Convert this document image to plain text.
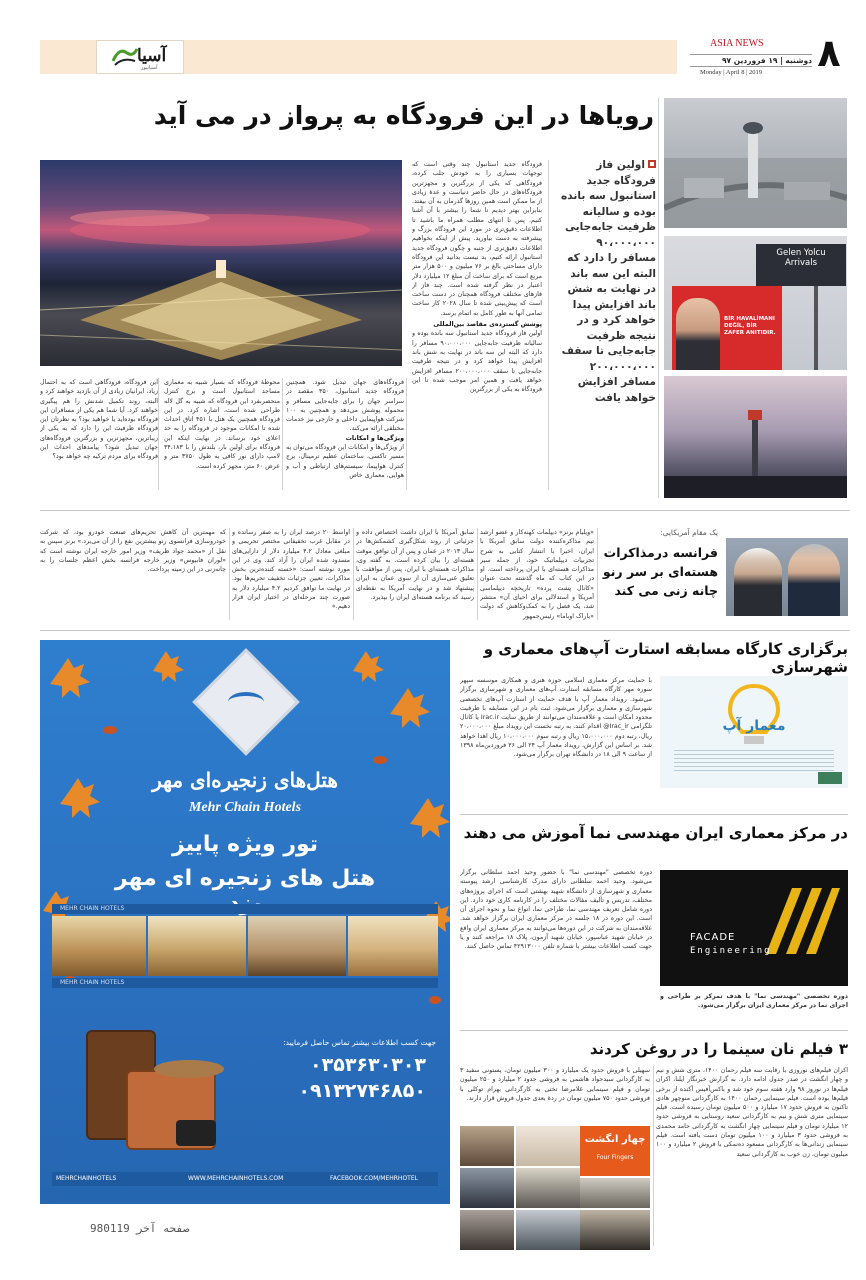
آسیا
آسیانیوز
ASIA NEWS
دوشنبه | ۱۹ فروردین ۹۷
Monday | April 8 | 2019 ۸
رویاها در این فرودگاه به پرواز در می آید
فرودگاه جدید استانبول چند وقتی است که توجهات بسیاری را به خودش جلب کرده، فرودگاهی که یکی از بزرگترین و مجهزترین فرودگاه‌های در حال حاضر دنیاست و عدهٔ زیادی از ما ممکن است همین روزها گذرمان به آن بیفتد. بنابراین بهتر دیدیم تا شما را بیشتر با آن آشنا کنیم. پس تا انتهای مطلب همراه ما باشید تا اطلاعات دقیق‌تری در مورد این فرودگاه بزرگ و پیشرفته به دست بیاورید. پیش از اینکه بخواهیم اطلاعات دقیق‌تری از جنبه و چگون فرودگاه جدید استانبول ارائه کنیم، بد نیست بدانید این فرودگاه دارای مساحتی بالغ بر ۷۶ میلیون و ۵۰۰ هزار متر مربع است که برای ساخت آن مبلغ ۱۲ میلیارد دلار اعتبار در نظر گرفته شده است. چند فاز از فازهای مختلف فرودگاه همچنان در دست ساخت است که پیش‌بینی شده تا سال ۲۰۲۸ کار ساخت تمامی آنها به طور کامل به اتمام برسد.
پوشش گسترده‌ی مقاصد بین‌المللی
اولین فاز فرودگاه جدید استانبول سه بانده بوده و سالیانه ظرفیت جابه‌جایی ۹۰،۰۰۰،۰۰۰ مسافر را دارد که البته این سه باند در نهایت به شش باند افزایش پیدا خواهد کرد و در نتیجه ظرفیت جابه‌جایی تا سقف ۲۰۰،۰۰۰،۰۰۰ مسافر افزایش خواهد یافت و همین امر موجب شده تا این فرودگاه به یکی از بزرگترین
فرودگاه‌های جهان تبدیل شود. همچنین فرودگاه جدید استانبول، ۳۵۰ مقصد در سراسر جهان را برای جابه‌جایی مسافر و محموله پوشش می‌دهد و همچنین به ۱۰۰ شرکت هواپیمایی داخلی و خارجی نیز خدمات مختلفی ارائه می‌کند.
ویژگی‌ها و امکانات
از ویژگی‌ها و امکانات این فرودگاه می‌توان به مسیر تاکسی، ساختمان عظیم ترمینال، برج کنترل هواپیما، سیستم‌های ارتباطی و آب و هوایی، معماری خاص
محوطهٔ فرودگاه که بسیار شبیه به معماری مساجد استانبول است و برج کنترل منحصربفرد این فرودگاه که شبیه به گل لاله طراحی شده است، اشاره کرد. در این فرودگاه همچنین یک هتل با ۴۵۱ اتاق احداث شده تا امکانات موجود در فرودگاه را به حد اعلای خود برساند. در نهایت اینکه این فرودگاه برای اولین بار، بلندش را با ۳۴،۱۸۳ لامپ دارای نور کافی به طول ۳۷۵۰ متر و عرض ۶۰ متر، مجهز کرده است.
این فرودگاه، فرودگاهی است که به احتمال زیاد، ایرانیان زیادی از آن بازدید خواهند کرد و البته، روند تکمیل شدنش را هم پیگیری خواهند کرد. آیا شما هم یکی از مسافران این فرودگاه بوده‌اید یا خواهید بود؟ به نظرتان این فرودگاه ظرفیت این را دارد که به یکی از زیباترین، مجهزترین و بزرگترین فرودگاه‌های جهان تبدیل شود؟ پیامدهای احداث این فرودگاه برای مردم ترکیه چه خواهد بود؟
اولین فاز فرودگاه جدید استانبول سه بانده بوده و سالیانه ظرفیت جابه‌جایی ۹۰،۰۰۰،۰۰۰ مسافر را دارد که البته این سه باند در نهایت به شش باند افزایش پیدا خواهد کرد و در نتیجه ظرفیت جابه‌جایی تا سقف ۲۰۰،۰۰۰،۰۰۰ مسافر افزایش خواهد یافت
Gelen Yolcu
Arrivals
BİR HAVALİMANI DEĞİL, BİR ZAFER ANITIDIR.
یک مقام آمریکایی:
فرانسه درمذاکرات هسته‌ای بر سر رنو چانه زنی می کند
«ویلیام برنز» دیپلمات کهنه‌کار و عضو ارشد تیم مذاکره‌کننده دولت سابق آمریکا با ایران، اخیرا با انتشار کتابی به شرح تجربیات دیپلماتیک خود، از جمله سیر مذاکرات هسته‌ای با ایران پرداخته است. او در این کتاب که ماه گذشته تحت عنوان «کانال پشت پرده» تاریخچه دیپلماسی آمریکا و استدلالی برای احیای آن» منتشر شد، یک فصل را به کمک‌وکاهش که دولت «باراک اوباما» رئیس‌جمهور
سابق آمریکا با ایران داشت اختصاص داده و جزئیاتی از روند شکل‌گیری کشمکش‌ها در سال ۲۰۱۳ در عمان و پس از آن توافق موقت هسته‌ای را بیان کرده است. به گفته وی، مذاکرات هسته‌ای با ایران، پس از موافقت با تعلیق غنی‌سازی آن از سوی عمان به ایران پیشنهاد شد و در نهایت آمریکا به نقطه‌ای رسید که برنامه هسته‌ای ایران را بپذیرد.
اواسط ۲۰ درصد ایران را به صفر رسانده و در مقابل غرب تخفیفاتی مختصر تحریمی و مبلغی معادل ۴.۲ میلیارد دلار از دارایی‌های مسدود شده ایران را آزاد کند. وی در این مورد نوشته است: «خسته کننده‌ترین بخش مذاکرات، تعیین جزئیات تخفیف تحریم‌ها بود. در نهایت ما توافق کردیم ۴.۲ میلیارد دلار به صورت چند مرحله‌ای در اختیار ایران قرار دهیم.»
که مهمترین آن کاهش تحریم‌های صنعت خودرو بود، که شرکت خودروسازی فرانسوی رنو بیشترین نفع را از آن می‌برد.» برنز سپس به نقل از «محمد جواد ظریف» وزیر امور خارجه ایران نوشته است که «لوران فابیوس» وزیر خارجه فرانسه بخش اعظم جلسات را به چانه‌زنی در این زمینه پرداخت.
هتل‌های زنجیره‌ای مهر
Mehr Chain Hotels
تور ویژه پاییز
هتل های زنجیره ای مهر
MEHR CHAIN HOTELS
MEHR CHAIN HOTELS
جهت کسب اطلاعات بیشتر تماس حاصل فرمایید:
۰۳۵۳۶۳۰۳۰۳
۰۹۱۳۲۷۴۶۸۵۰
MEHRCHAINHOTELS	WWW.MEHRCHAINHOTELS.COM	FACEBOOK.COM/MEHRHOTEL
صفحه آخر 980119
برگزاری کارگاه مسابقه استارت آپ‌های معماری و شهرسازی
معمار آپ
با حمایت مرکز معماری اسلامی حوزه هنری و همکاری موسسه سپهر سوره مهر کارگاه مسابقه استارت آپ‌های معماری و شهرسازی برگزار می‌شود. رویداد معمار آپ با هدف حمایت از استارت آپ‌های تخصصی شهرسازی و معماری برگزار می‌شود. ثبت نام در این مسابقه با ظرفیت محدود امکان است و علاقه‌مندان می‌توانند از طریق سایت Irac.ir یا کانال تلگرامی ‎@Irac_ir‎ اقدام کنند. به رتبه نخست این رویداد مبلغ ۲۰،۰۰۰،۰۰۰ ریال، رتبه دوم ۱۵،۰۰۰،۰۰۰ ریال و رتبه سوم ۱۰،۰۰۰،۰۰۰ ریال اهدا خواهد شد. بر اساس این گزارش، رویداد معمار آپ ۲۴ الی ۲۶ فروردین‌ماه ۱۳۹۸ از ساعت ۹ الی ۱۸ در دانشگاه تهران برگزار می‌شود.
در مرکز معماری ایران مهندسی نما آموزش می دهند
FACADE
Engineering
دوره تخصصی "مهندسی نما" با هدف تمرکز بر طراحی و اجرای نما در مرکز معماری ایران برگزار می‌شود.
دوره تخصصی "مهندسی نما" با حضور وحید احمد سلطانی برگزار می‌شود. وحید احمد سلطانی دارای مدرک کارشناسی ارشد پیوسته معماری و شهرسازی از دانشگاه شهید بهشتی است که اجرای پروژه‌های مختلف، تدریس و تألیف مقالات مختلف را در کارنامه کاری خود دارد. این دوره شامل تعریف مهندسی نما، طراحی نما، انواع نما و نحوه اجرای آن است. این دوره در ۱۸ جلسه در مرکز معماری ایران برگزار خواهد شد. علاقه‌مندان به شرکت در این دوره‌ها می‌توانند به مرکز معماری ایران واقع در خیابان شهید عباسپور، خیابان شهید آزمون، پلاک ۱۸ مراجعه کنند و یا جهت کسب اطلاعات بیشتر با شماره تلفن ۴۲۹۱۳۰۰۰ تماس حاصل کنند.
۳ فیلم نان سینما را در روغن کردند
اکران فیلم‌های نوروزی با رقابت سه فیلم رحمان ۱۴۰۰، متری شش و نیم و چهار انگشت در صدر جدول ادامه دارد. به گزارش خبرنگار ایلنا، اکران فیلم‌ها در نوروز ۹۸ وارد هفته سوم خود شد و باکس‌آفیس آکنده از برخی فیلم‌ها بوده است. فیلم سینمایی رحمان ۱۴۰۰ به کارگردانی منوچهر هادی تاکنون به فروش حدود ۱۷ میلیارد و ۵۰۰ میلیون تومان رسیده است. فیلم سینمایی متری شش و نیم به کارگردانی سعید روستایی به فروشی حدود ۱۲ میلیارد تومان و فیلم سینمایی چهار انگشت به کارگردانی حامد محمدی به فروشی حدود ۳ میلیارد و ۱۰۰ میلیون تومان دست یافته است. فیلم سینمایی زندانی‌ها به کارگردانی مسعود ده‌نمکی با فروش ۲ میلیارد و ۱۰۰ میلیون تومان، زن خوب به کارگردانی سعید
سهیلی با فروش حدود یک میلیارد و ۳۰۰ میلیون تومان، پستونی سفید ۳ به کارگردانی سیدجواد هاشمی به فروشی حدود ۲ میلیارد و ۲۵۰ میلیون تومان و فیلم سینمایی غلامرضا تختی به کارگردانی بهرام توکلی با فروشی حدود ۷۵۰ میلیون تومان در ردهٔ بعدی جدول فروش قرار دارند.
چهار انگشت
Four Fingers
